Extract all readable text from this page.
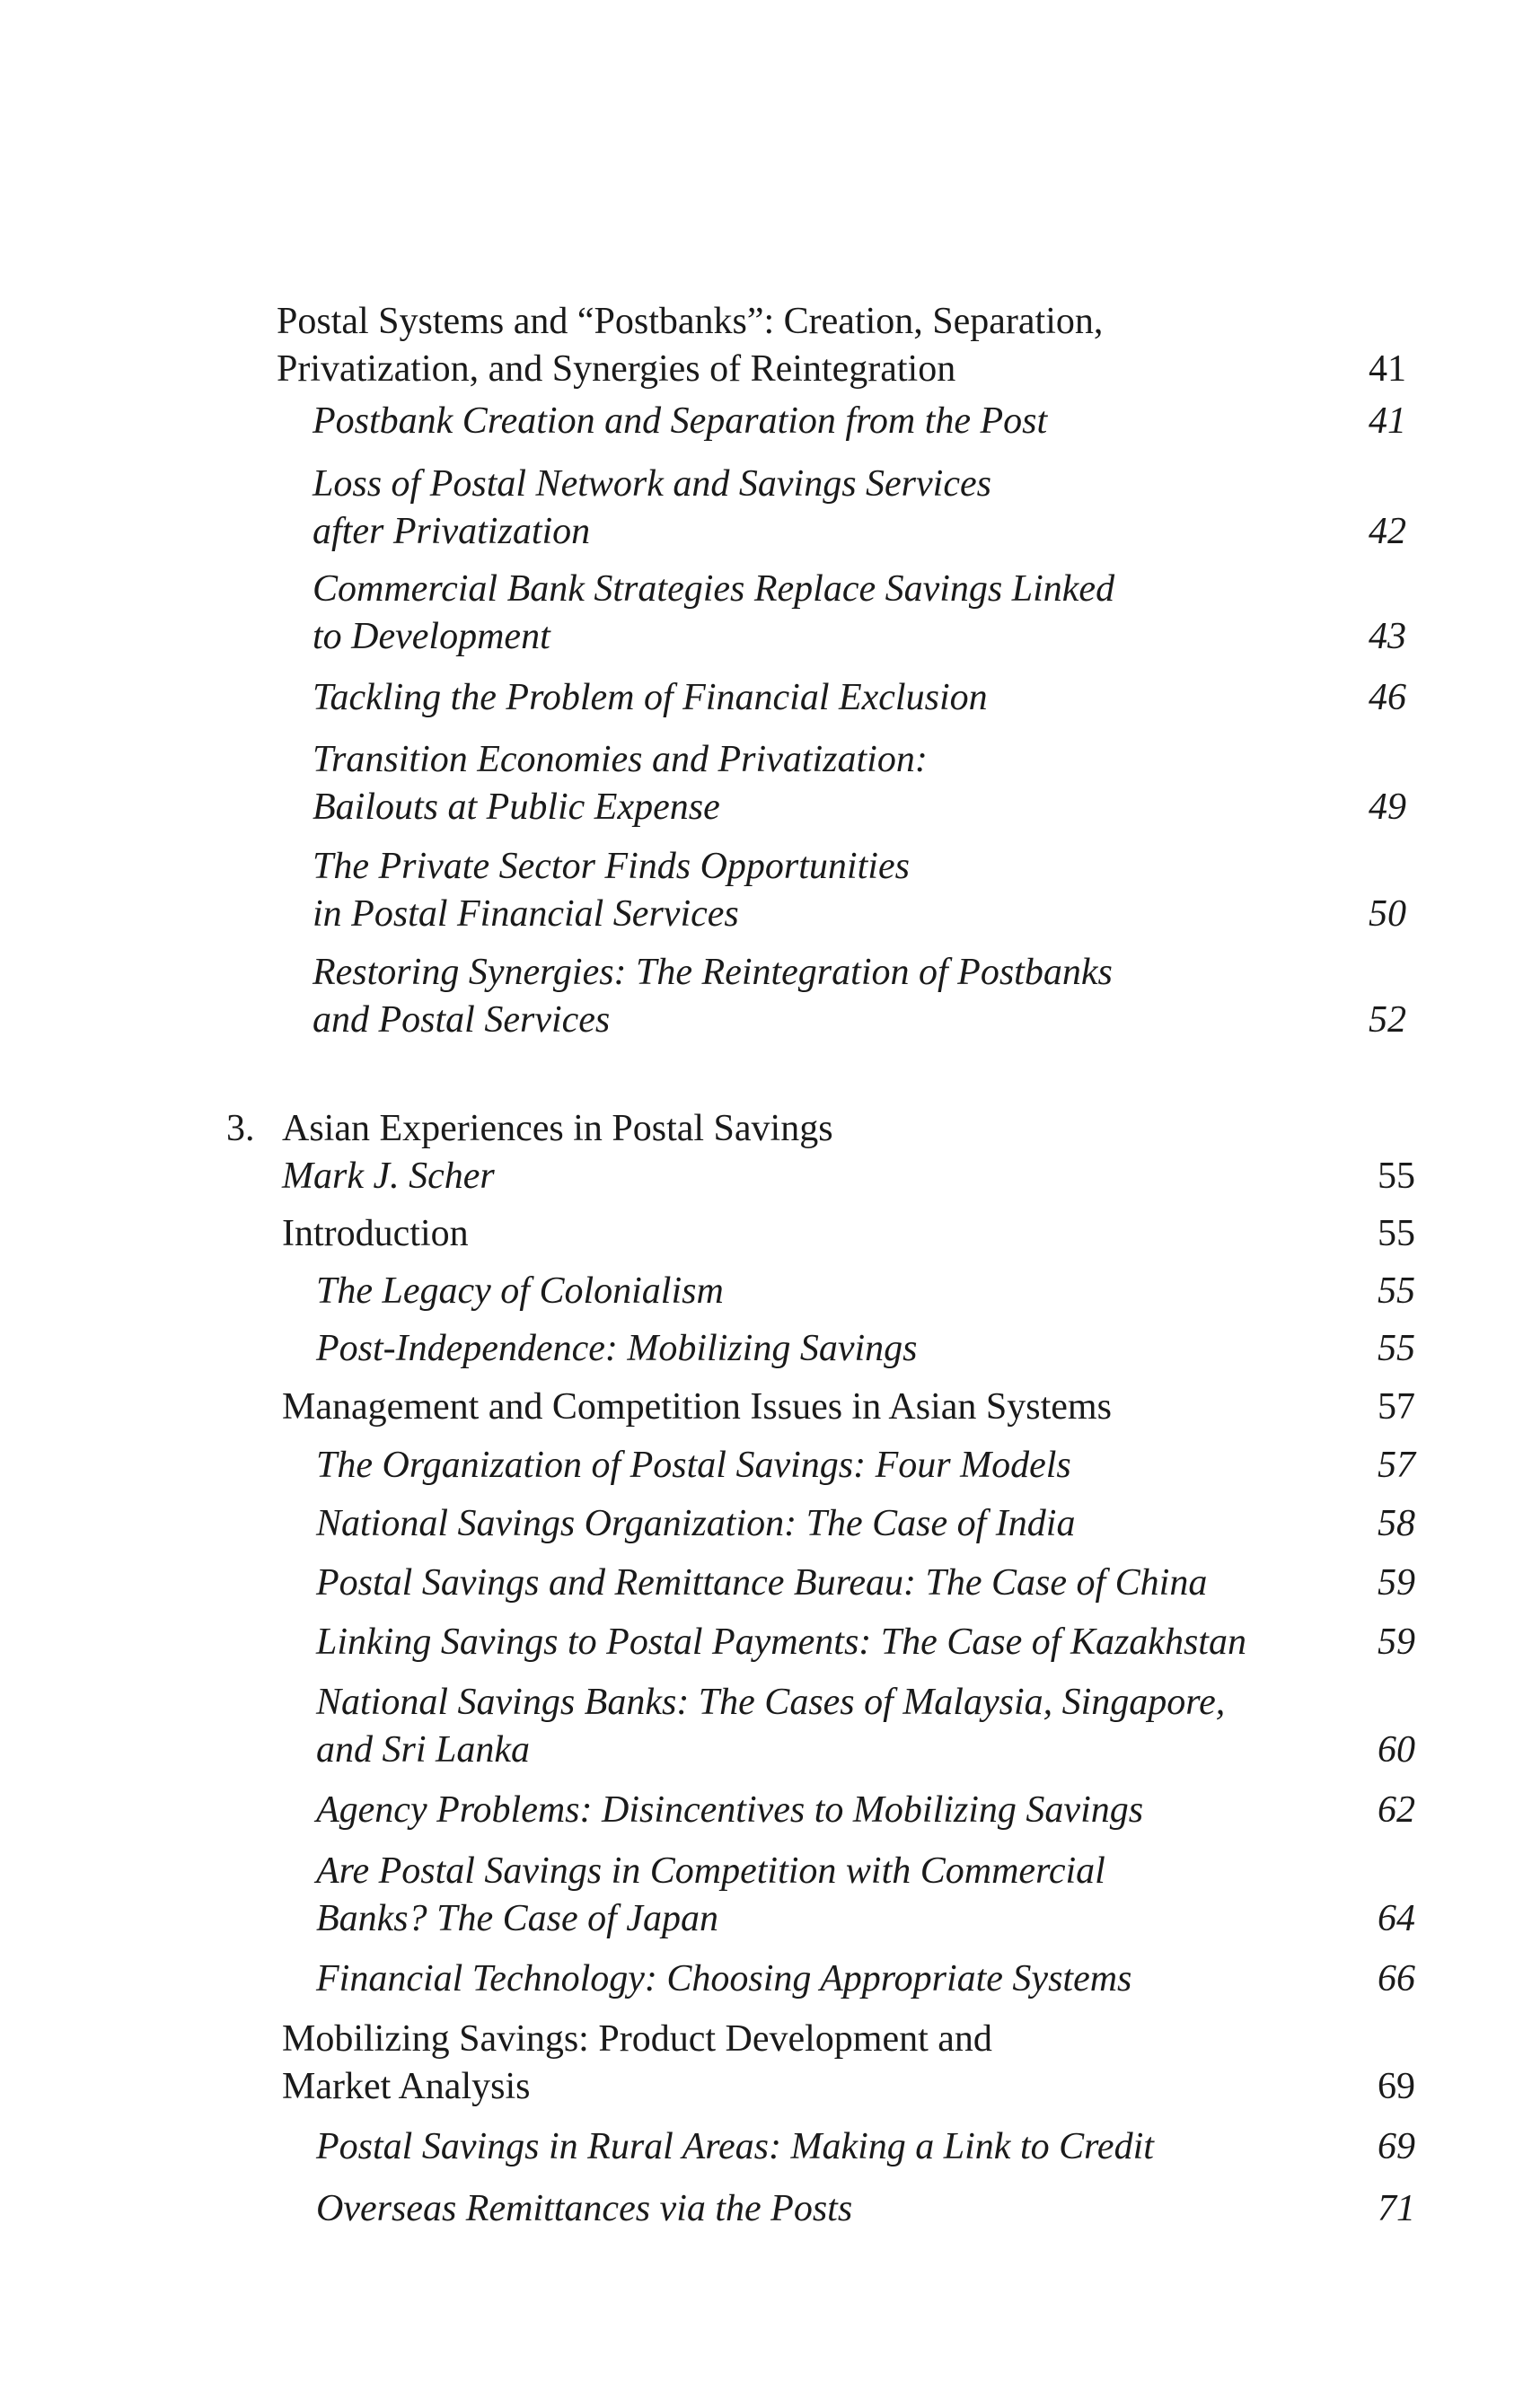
Postal Systems and “Postbanks”: Creation, Separation,
Privatization, and Synergies of Reintegration	41
Postbank Creation and Separation from the Post	41
Loss of Postal Network and Savings Services
after Privatization	42
Commercial Bank Strategies Replace Savings Linked
to Development	43
Tackling the Problem of Financial Exclusion	46
Transition Economies and Privatization:
Bailouts at Public Expense	49
The Private Sector Finds Opportunities
in Postal Financial Services	50
Restoring Synergies: The Reintegration of Postbanks
and Postal Services	52
3. Asian Experiences in Postal Savings
Mark J. Scher	55
Introduction	55
The Legacy of Colonialism	55
Post-Independence: Mobilizing Savings	55
Management and Competition Issues in Asian Systems	57
The Organization of Postal Savings: Four Models	57
National Savings Organization: The Case of India	58
Postal Savings and Remittance Bureau: The Case of China	59
Linking Savings to Postal Payments: The Case of Kazakhstan	59
National Savings Banks: The Cases of Malaysia, Singapore,
and Sri Lanka	60
Agency Problems: Disincentives to Mobilizing Savings	62
Are Postal Savings in Competition with Commercial
Banks? The Case of Japan	64
Financial Technology: Choosing Appropriate Systems	66
Mobilizing Savings: Product Development and
Market Analysis	69
Postal Savings in Rural Areas: Making a Link to Credit	69
Overseas Remittances via the Posts	71
